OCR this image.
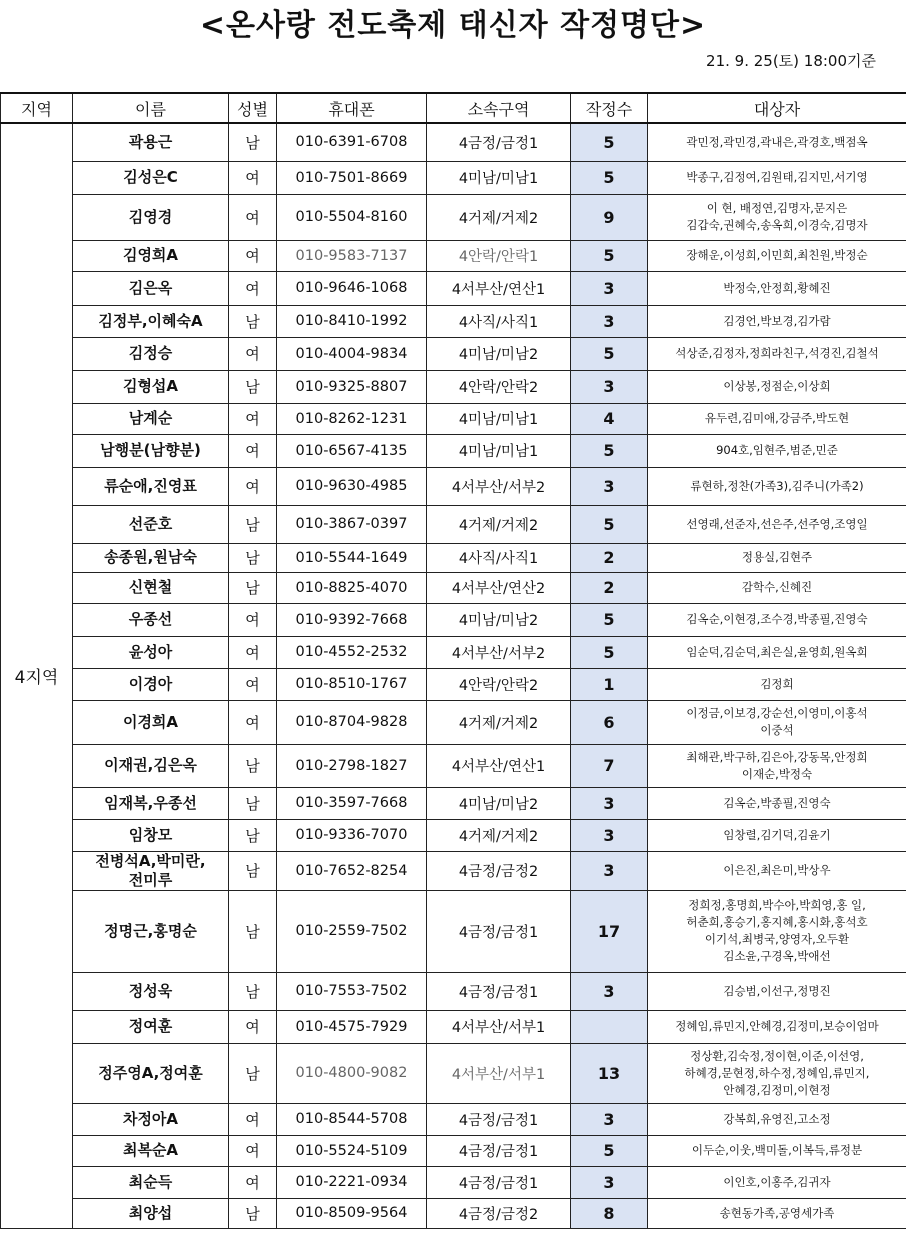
<온사랑 전도축제 태신자 작정명단>
21. 9. 25(토) 18:00기준
지역	이름	성별	휴대폰	소속구역	작정수	대상자
4지역	곽용근	남	010-6391-6708	4금정/금정1	5	곽민정,곽민경,곽내은,곽경호,백점옥
	김성은C	여	010-7501-8669	4미남/미남1	5	박종구,김정여,김원태,김지민,서기영
	김영경	여	010-5504-8160	4거제/거제2	9	이 현, 배정연,김명자,문지은
김갑숙,권혜숙,송옥희,이경숙,김명자
	김영희A	여	010-9583-7137	4안락/안락1	5	장해운,이성희,이민희,최친원,박정순
	김은옥	여	010-9646-1068	4서부산/연산1	3	박정숙,안정희,황혜진
	김정부,이혜숙A	남	010-8410-1992	4사직/사직1	3	김경언,박보경,김가람
	김정승	여	010-4004-9834	4미남/미남2	5	석상준,김정자,정희라친구,석경진,김철석
	김형섭A	남	010-9325-8807	4안락/안락2	3	이상봉,정점순,이상희
	남계순	여	010-8262-1231	4미남/미남1	4	유두련,김미애,강금주,박도현
	남행분(남향분)	여	010-6567-4135	4미남/미남1	5	904호,임현주,범준,민준
	류순애,진영표	여	010-9630-4985	4서부산/서부2	3	류현하,정찬(가족3),김주니(가족2)
	선준호	남	010-3867-0397	4거제/거제2	5	선영래,선준자,선은주,선주영,조영일
	송종원,원남숙	남	010-5544-1649	4사직/사직1	2	정용실,김현주
	신현철	남	010-8825-4070	4서부산/연산2	2	감학수,신혜진
	우종선	여	010-9392-7668	4미남/미남2	5	김옥순,이현경,조수경,박종필,진영숙
	윤성아	여	010-4552-2532	4서부산/서부2	5	임순덕,김순덕,최은실,윤영희,원옥희
	이경아	여	010-8510-1767	4안락/안락2	1	김정희
	이경희A	여	010-8704-9828	4거제/거제2	6	이정금,이보경,강순선,이영미,이홍석
이중석
	이재권,김은옥	남	010-2798-1827	4서부산/연산1	7	최해관,박구하,김은아,강동목,안정희
이재순,박정숙
	임재복,우종선	남	010-3597-7668	4미남/미남2	3	김옥순,박종필,진영숙
	임창모	남	010-9336-7070	4거제/거제2	3	임창렬,김기덕,김윤기
	전병석A,박미란,
전미루	남	010-7652-8254	4금정/금정2	3	이은진,최은미,박상우
	정명근,홍명순	남	010-2559-7502	4금정/금정1	17	정희정,홍명희,박수아,박희영,홍 일,
허춘희,홍승기,홍지혜,홍시화,홍석호
이기석,최병국,양영자,오두환
김소윤,구경옥,박애선
	정성욱	남	010-7553-7502	4금정/금정1	3	김승범,이선구,정명진
	정여훈	여	010-4575-7929	4서부산/서부1		정혜임,류민지,안혜경,김정미,보승이엄마
	정주영A,정여훈	남	010-4800-9082	4서부산/서부1	13	정상환,김숙정,정이현,이준,이선영,
하혜경,문현정,하수정,정혜임,류민지,
안혜경,김정미,이현정
	차정아A	여	010-8544-5708	4금정/금정1	3	강복희,유영진,고소정
	최복순A	여	010-5524-5109	4금정/금정1	5	이두순,이웃,백미돌,이복득,류정분
	최순득	여	010-2221-0934	4금정/금정1	3	이인호,이홍주,김귀자
	최양섭	남	010-8509-9564	4금정/금정2	8	송현동가족,공영세가족
